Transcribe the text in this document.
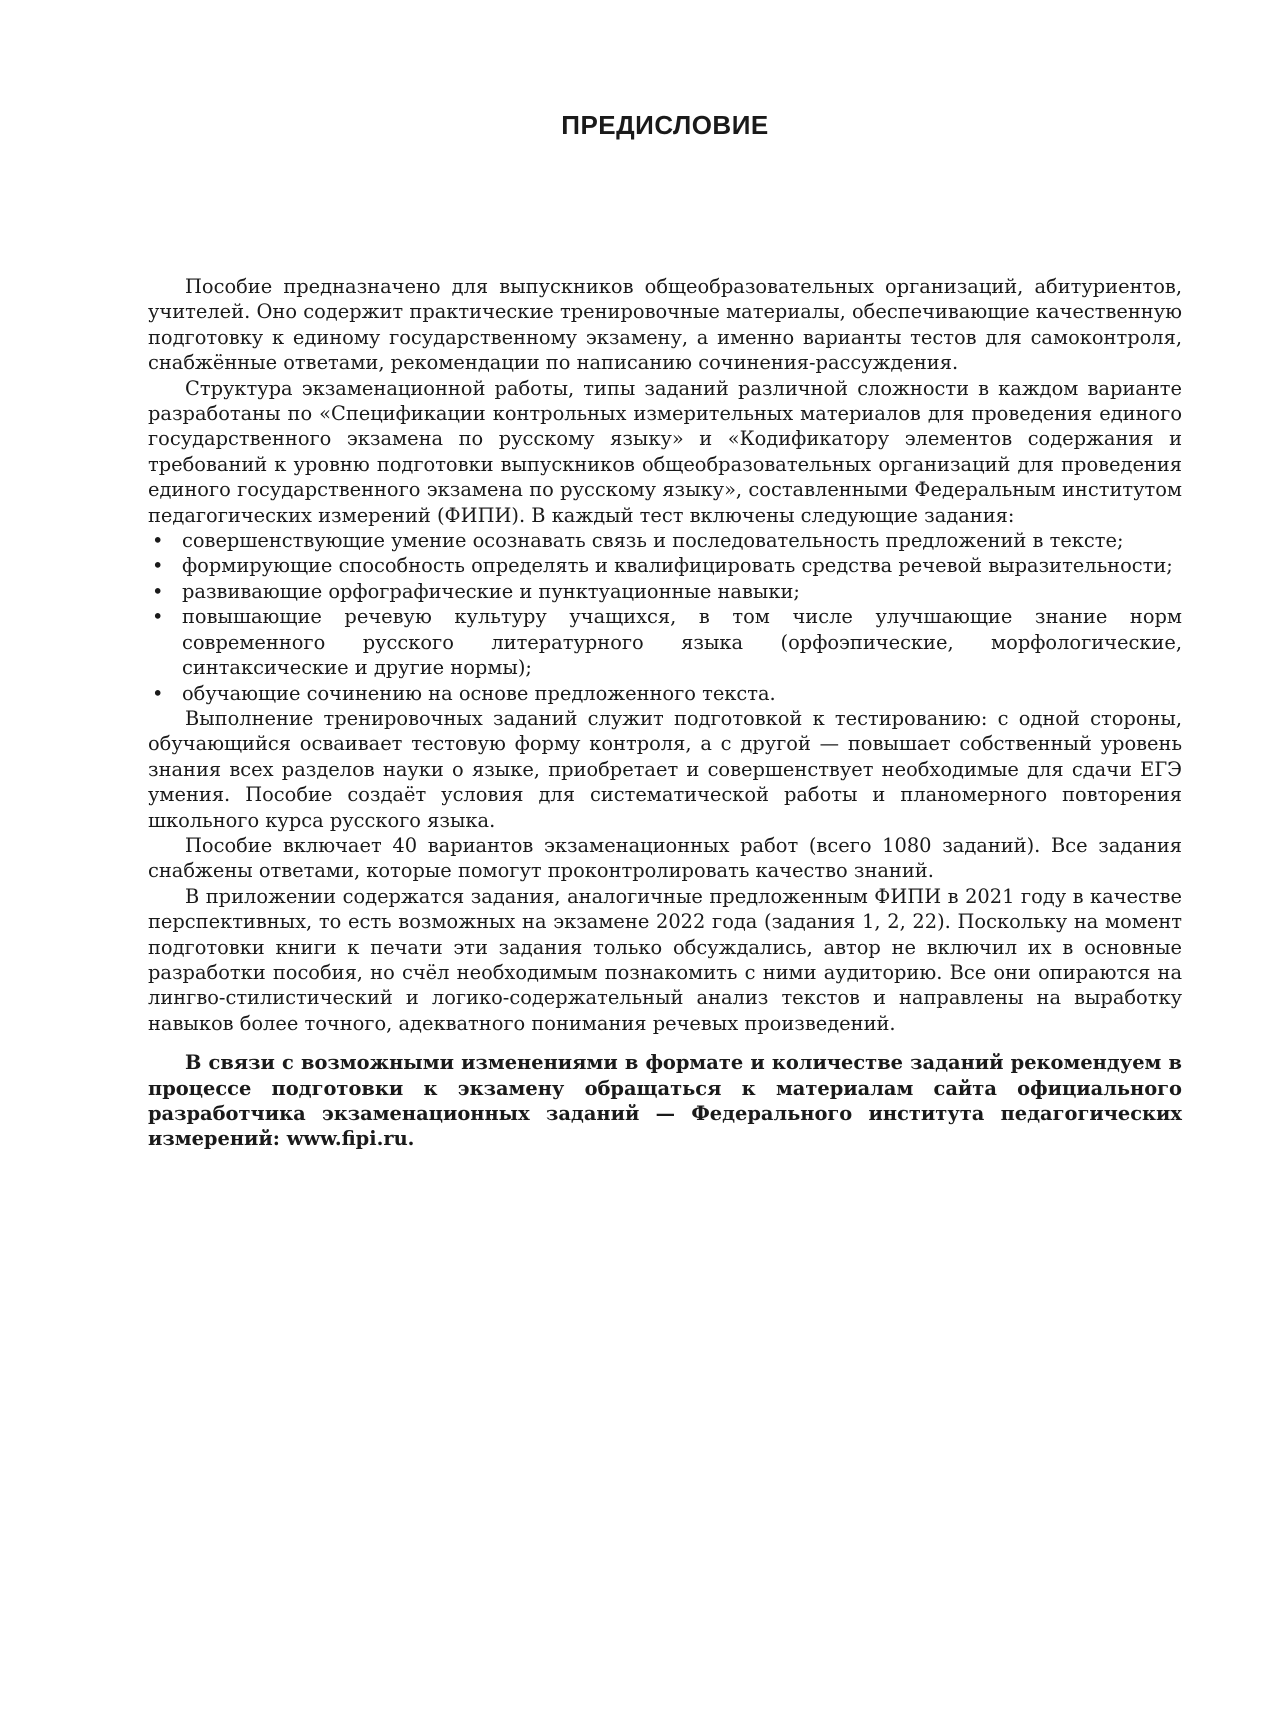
ПРЕДИСЛОВИЕ

Пособие предназначено для выпускников общеобразовательных организаций, абитуриентов, учителей. Оно содержит практические тренировочные материалы, обеспечивающие качественную подготовку к единому государственному экзамену, а именно варианты тестов для самоконтроля, снабжённые ответами, рекомендации по написанию сочинения-рассуждения.

Структура экзаменационной работы, типы заданий различной сложности в каждом варианте разработаны по «Спецификации контрольных измерительных материалов для проведения единого государственного экзамена по русскому языку» и «Кодификатору элементов содержания и требований к уровню подготовки выпускников общеобразовательных организаций для проведения единого государственного экзамена по русскому языку», составленными Федеральным институтом педагогических измерений (ФИПИ). В каждый тест включены следующие задания:

• совершенствующие умение осознавать связь и последовательность предложений в тексте;
• формирующие способность определять и квалифицировать средства речевой выразительности;
• развивающие орфографические и пунктуационные навыки;
• повышающие речевую культуру учащихся, в том числе улучшающие знание норм современного русского литературного языка (орфоэпические, морфологические, синтаксические и другие нормы);
• обучающие сочинению на основе предложенного текста.

Выполнение тренировочных заданий служит подготовкой к тестированию: с одной стороны, обучающийся осваивает тестовую форму контроля, а с другой — повышает собственный уровень знания всех разделов науки о языке, приобретает и совершенствует необходимые для сдачи ЕГЭ умения. Пособие создаёт условия для систематической работы и планомерного повторения школьного курса русского языка.

Пособие включает 40 вариантов экзаменационных работ (всего 1080 заданий). Все задания снабжены ответами, которые помогут проконтролировать качество знаний.

В приложении содержатся задания, аналогичные предложенным ФИПИ в 2021 году в качестве перспективных, то есть возможных на экзамене 2022 года (задания 1, 2, 22). Поскольку на момент подготовки книги к печати эти задания только обсуждались, автор не включил их в основные разработки пособия, но счёл необходимым познакомить с ними аудиторию. Все они опираются на лингво-стилистический и логико-содержательный анализ текстов и направлены на выработку навыков более точного, адекватного понимания речевых произведений.

В связи с возможными изменениями в формате и количестве заданий рекомендуем в процессе подготовки к экзамену обращаться к материалам сайта официального разработчика экзаменационных заданий — Федерального института педагогических измерений: www.fipi.ru.
